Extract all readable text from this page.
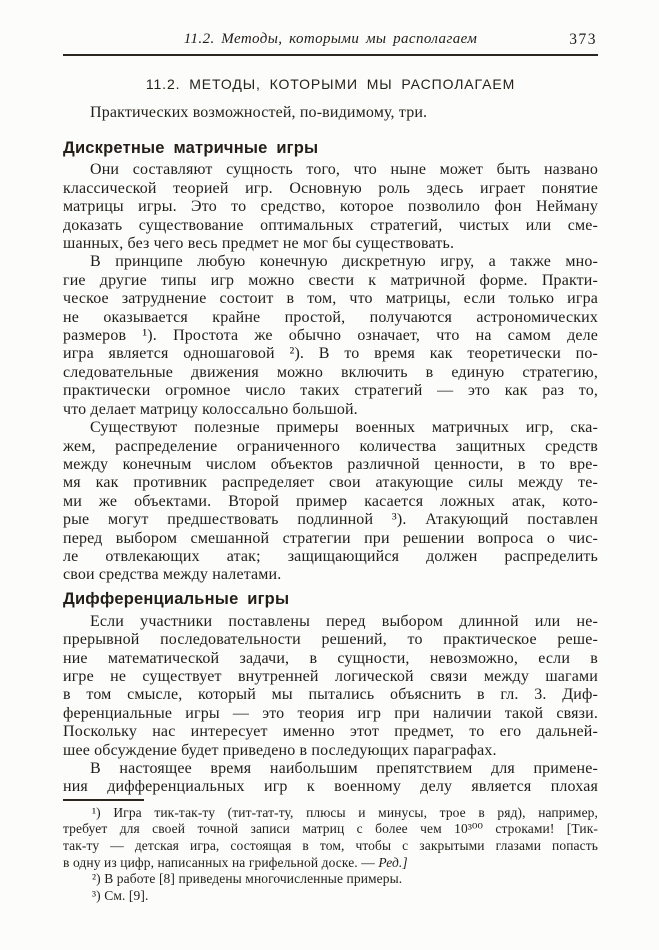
11.2. Методы, которыми мы располагаем	373
11.2. МЕТОДЫ, КОТОРЫМИ МЫ РАСПОЛАГАЕМ
Практических возможностей, по-видимому, три.
Дискретные матричные игры
Они составляют сущность того, что ныне может быть названо
классической теорией игр. Основную роль здесь играет понятие
матрицы игры. Это то средство, которое позволило фон Нейману
доказать существование оптимальных стратегий, чистых или сме-
шанных, без чего весь предмет не мог бы существовать.
В принципе любую конечную дискретную игру, а также мно-
гие другие типы игр можно свести к матричной форме. Практи-
ческое затруднение состоит в том, что матрицы, если только игра
не оказывается крайне простой, получаются астрономических
размеров ¹). Простота же обычно означает, что на самом деле
игра является одношаговой ²). В то время как теоретически по-
следовательные движения можно включить в единую стратегию,
практически огромное число таких стратегий — это как раз то,
что делает матрицу колоссально большой.
Существуют полезные примеры военных матричных игр, ска-
жем, распределение ограниченного количества защитных средств
между конечным числом объектов различной ценности, в то вре-
мя как противник распределяет свои атакующие силы между те-
ми же объектами. Второй пример касается ложных атак, кото-
рые могут предшествовать подлинной ³). Атакующий поставлен
перед выбором смешанной стратегии при решении вопроса о чис-
ле отвлекающих атак; защищающийся должен распределить
свои средства между налетами.
Дифференциальные игры
Если участники поставлены перед выбором длинной или не-
прерывной последовательности решений, то практическое реше-
ние математической задачи, в сущности, невозможно, если в
игре не существует внутренней логической связи между шагами
в том смысле, который мы пытались объяснить в гл. 3. Диф-
ференциальные игры — это теория игр при наличии такой связи.
Поскольку нас интересует именно этот предмет, то его дальней-
шее обсуждение будет приведено в последующих параграфах.
В настоящее время наибольшим препятствием для примене-
ния дифференциальных игр к военному делу является плохая
¹) Игра тик-так-ту (тит-тат-ту, плюсы и минусы, трое в ряд), например,
требует для своей точной записи матриц с более чем 10³⁰⁰ строками! [Тик-
так-ту — детская игра, состоящая в том, чтобы с закрытыми глазами попасть
в одну из цифр, написанных на грифельной доске. — Ред.]
²) В работе [8] приведены многочисленные примеры.
³) См. [9].
